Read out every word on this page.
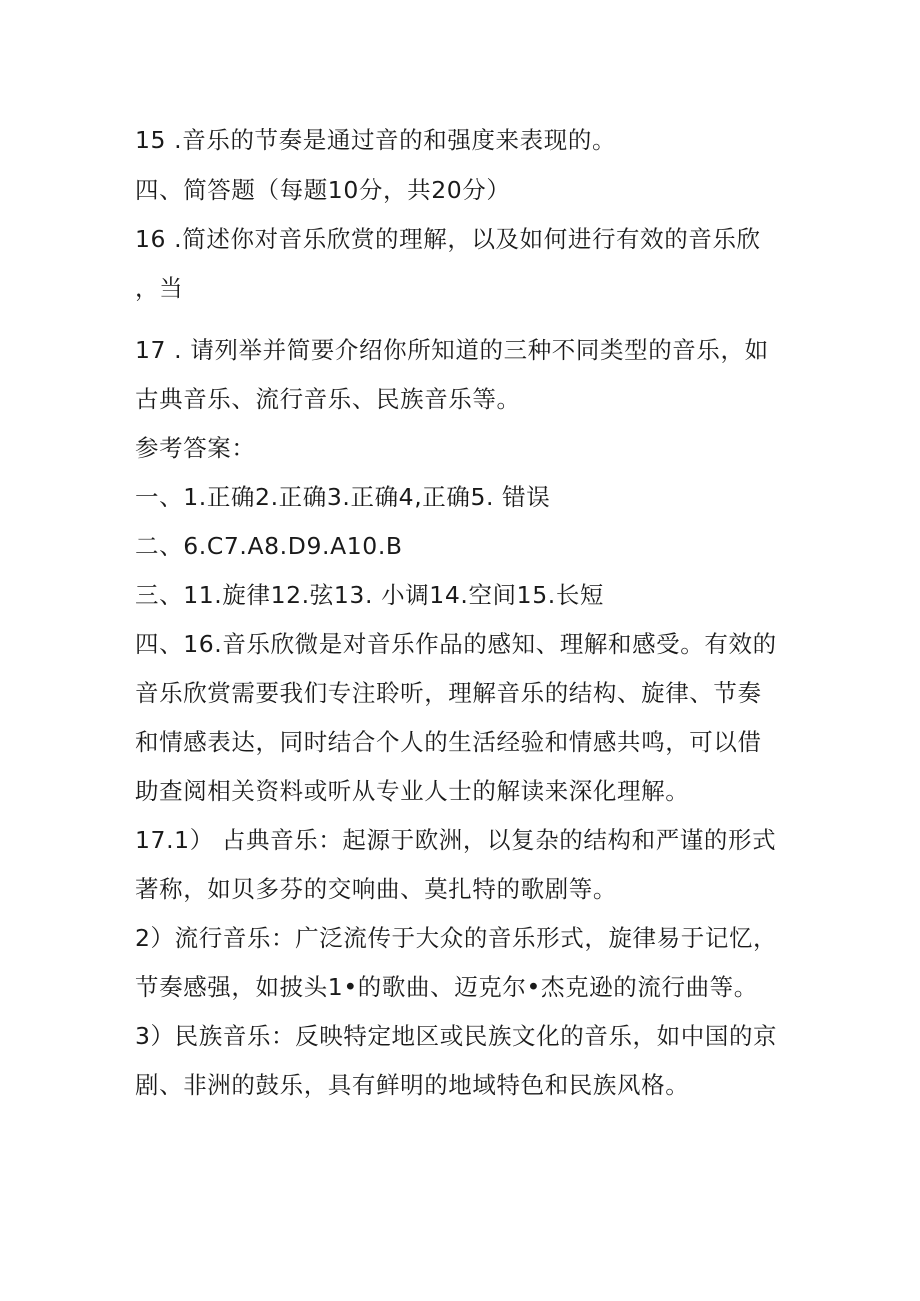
15 .音乐的节奏是通过音的和强度来表现的。
四、简答题（每题10分，共20分）
16 .简述你对音乐欣赏的理解，以及如何进行有效的音乐欣
，当
17 . 请列举并简要介绍你所知道的三种不同类型的音乐，如
古典音乐、流行音乐、民族音乐等。
参考答案：
一、1.正确2.正确3.正确4,正确5. 错误
二、6.C7.A8.D9.A10.B
三、11.旋律12.弦13. 小调14.空间15.长短
四、16.音乐欣微是对音乐作品的感知、理解和感受。有效的
音乐欣赏需要我们专注聆听，理解音乐的结构、旋律、节奏
和情感表达，同时结合个人的生活经验和情感共鸣，可以借
助查阅相关资料或听从专业人士的解读来深化理解。
17.1） 占典音乐：起源于欧洲，以复杂的结构和严谨的形式
著称，如贝多芬的交响曲、莫扎特的歌剧等。
2）流行音乐：广泛流传于大众的音乐形式，旋律易于记忆，
节奏感强，如披头1•的歌曲、迈克尔•杰克逊的流行曲等。
3）民族音乐：反映特定地区或民族文化的音乐，如中国的京
剧、非洲的鼓乐，具有鲜明的地域特色和民族风格。
